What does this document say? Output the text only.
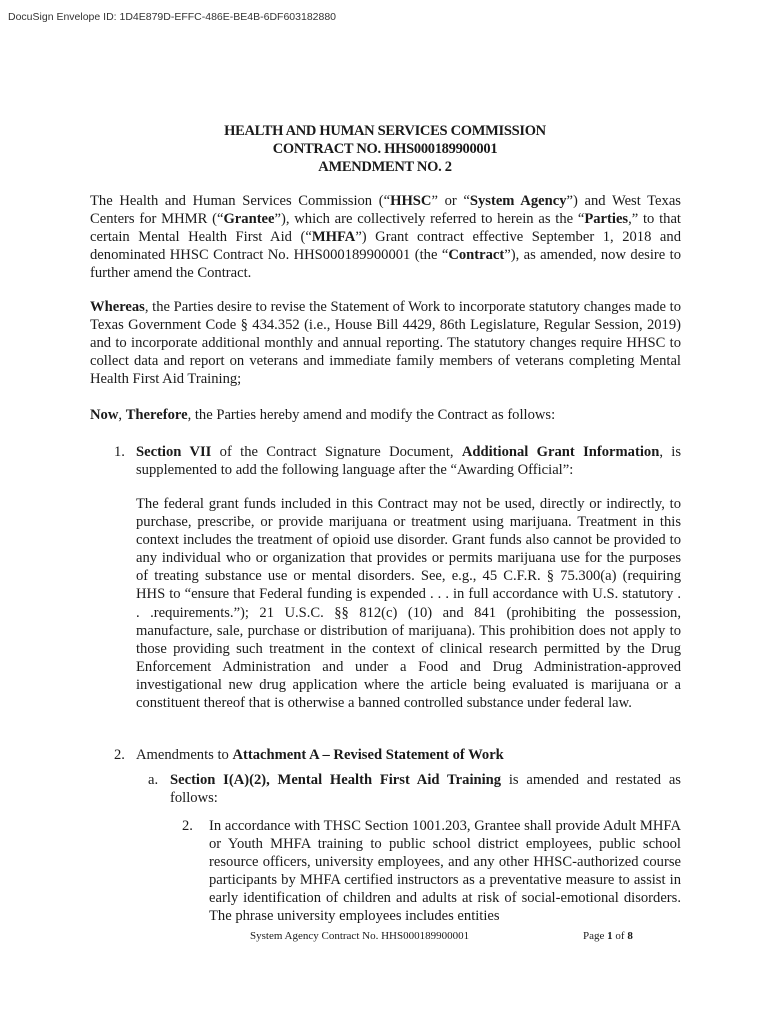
DocuSign Envelope ID: 1D4E879D-EFFC-486E-BE4B-6DF603182880
HEALTH AND HUMAN SERVICES COMMISSION
CONTRACT NO. HHS000189900001
AMENDMENT NO. 2
The Health and Human Services Commission (“HHSC” or “System Agency”) and West Texas Centers for MHMR (“Grantee”), which are collectively referred to herein as the “Parties,” to that certain Mental Health First Aid (“MHFA”) Grant contract effective September 1, 2018 and denominated HHSC Contract No. HHS000189900001 (the “Contract”), as amended, now desire to further amend the Contract.
Whereas, the Parties desire to revise the Statement of Work to incorporate statutory changes made to Texas Government Code § 434.352 (i.e., House Bill 4429, 86th Legislature, Regular Session, 2019) and to incorporate additional monthly and annual reporting. The statutory changes require HHSC to collect data and report on veterans and immediate family members of veterans completing Mental Health First Aid Training;
Now, Therefore, the Parties hereby amend and modify the Contract as follows:
1. Section VII of the Contract Signature Document, Additional Grant Information, is supplemented to add the following language after the “Awarding Official”:
The federal grant funds included in this Contract may not be used, directly or indirectly, to purchase, prescribe, or provide marijuana or treatment using marijuana. Treatment in this context includes the treatment of opioid use disorder. Grant funds also cannot be provided to any individual who or organization that provides or permits marijuana use for the purposes of treating substance use or mental disorders. See, e.g., 45 C.F.R. § 75.300(a) (requiring HHS to “ensure that Federal funding is expended . . . in full accordance with U.S. statutory . . .requirements.”); 21 U.S.C. §§ 812(c) (10) and 841 (prohibiting the possession, manufacture, sale, purchase or distribution of marijuana). This prohibition does not apply to those providing such treatment in the context of clinical research permitted by the Drug Enforcement Administration and under a Food and Drug Administration-approved investigational new drug application where the article being evaluated is marijuana or a constituent thereof that is otherwise a banned controlled substance under federal law.
2. Amendments to Attachment A – Revised Statement of Work
a. Section I(A)(2), Mental Health First Aid Training is amended and restated as follows:
2. In accordance with THSC Section 1001.203, Grantee shall provide Adult MHFA or Youth MHFA training to public school district employees, public school resource officers, university employees, and any other HHSC-authorized course participants by MHFA certified instructors as a preventative measure to assist in early identification of children and adults at risk of social-emotional disorders. The phrase university employees includes entities
System Agency Contract No. HHS000189900001	Page 1 of 8
